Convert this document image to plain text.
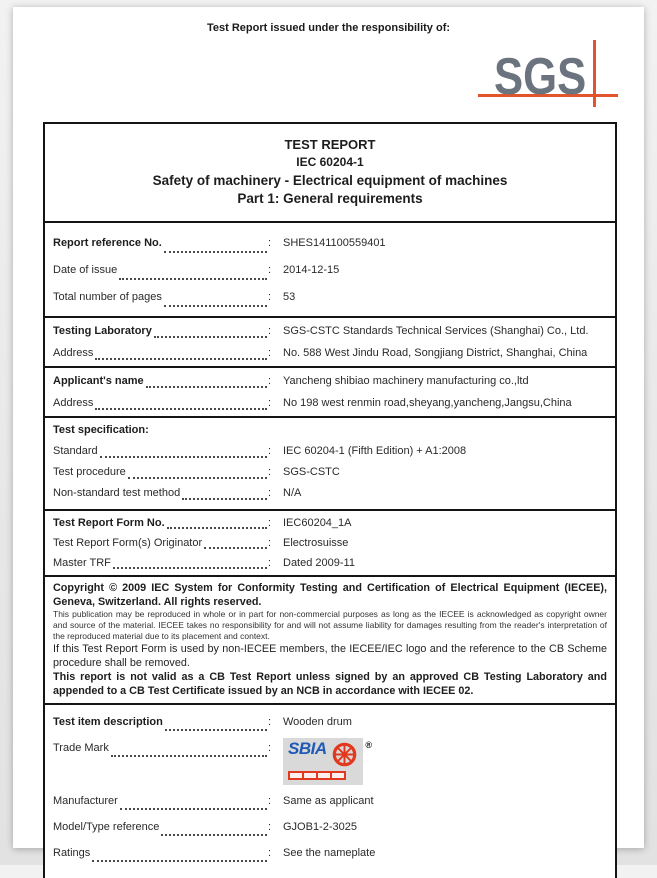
Test Report issued under the responsibility of:
SGS
TEST REPORT
IEC 60204-1
Safety of machinery - Electrical equipment of machines
Part 1: General requirements
Report reference No.	: SHES141100559401
Date of issue	: 2014-12-15
Total number of pages	: 53
Testing Laboratory	: SGS-CSTC Standards Technical Services (Shanghai) Co., Ltd.
Address	: No. 588 West Jindu Road, Songjiang District, Shanghai, China
Applicant's name	: Yancheng shibiao machinery manufacturing co.,ltd
Address	: No 198 west renmin road,sheyang,yancheng,Jangsu,China
Test specification:
Standard	: IEC 60204-1 (Fifth Edition) + A1:2008
Test procedure	: SGS-CSTC
Non-standard test method	: N/A
Test Report Form No.	: IEC60204_1A
Test Report Form(s) Originator	: Electrosuisse
Master TRF	: Dated 2009-11
Copyright © 2009 IEC System for Conformity Testing and Certification of Electrical Equipment (IECEE), Geneva, Switzerland. All rights reserved.
This publication may be reproduced in whole or in part for non-commercial purposes as long as the IECEE is acknowledged as copyright owner and source of the material. IECEE takes no responsibility for and will not assume liability for damages resulting from the reader's interpretation of the reproduced material due to its placement and context.
If this Test Report Form is used by non-IECEE members, the IECEE/IEC logo and the reference to the CB Scheme procedure shall be removed.
This report is not valid as a CB Test Report unless signed by an approved CB Testing Laboratory and appended to a CB Test Certificate issued by an NCB in accordance with IECEE 02.
Test item description	: Wooden drum
Trade Mark	:	®
SBIA
Manufacturer	: Same as applicant
Model/Type reference	: GJOB1-2-3025
Ratings	: See the nameplate
